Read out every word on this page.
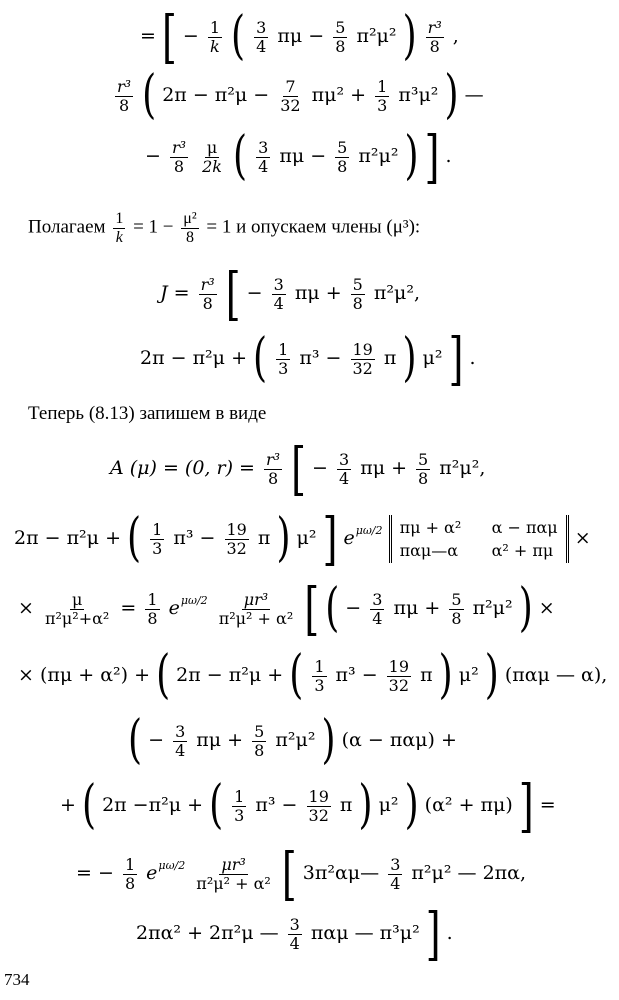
= [ − $\frac{1}{k}$ ( $\frac{3}{4}$ $\pi\mu - \frac{5}{8} \pi^2\mu^2$ ) $\frac{\text{r³}}{8}$ ,
$\frac{\text{r³}}{8}$ ( $2\pi - \pi^2\mu - \frac{7}{32} \pi\mu^2 + \frac{1}{3} \pi^3\mu^2$ ) —
− $\frac{\text{r³}}{8}$
$\frac{\mu}{2k}$ ( $\frac{3}{4}$ $\pi\mu - \frac{5}{8} \pi^2\mu^2$ ) ] .
Полагаем $\frac{1}{k} = 1 - \frac{\text{μ²}}{8} = 1$ и опускаем члены (μ³):
$J = \frac{\text{r³}}{8}$ [ − $\frac{3}{4}$ $\pi\mu + \frac{5}{8} \pi^2\mu^2$,
2π − π²μ + ( $\frac{1}{3} \pi^3 - \frac{19}{32}$ π ) μ² ] .
Теперь (8.13) запишем в виде
A (μ) = (0, $r) = \frac{\text{r³}}{8}$ [ − $\frac{3}{4}$ $\pi\mu + \frac{5}{8} \pi^2\mu^2$,
2π − π²μ + ( $\frac{1}{3} \pi^3 - \frac{19}{32}$ π ) μ² ] $e^{\mu\omega/2}$ πμ + α²	α − παμ
παμ—α	α² + πμ
×
× $\frac{\mu}{\text{π²μ²+α²}} = \frac{1}{8} e^{\mu\omega/2} \frac{\text{μr³}}{\text{π²μ² + α²}}$ [ ( − $\frac{3}{4}$ $\pi\mu + \frac{5}{8} \pi^2\mu^2$ ) ×
× (πμ + α²) + ( 2π − π²μ + ( $\frac{1}{3} \pi^3 - \frac{19}{32}$ π ) μ² ) (παμ — α),
( − $\frac{3}{4}$ $\pi\mu + \frac{5}{8} \pi^2\mu^2$ ) (α − παμ) +
+ ( 2π −π²μ + ( $\frac{1}{3} \pi^3 - \frac{19}{32}$ π ) μ² ) (α² + πμ) ] =
= − $\frac{1}{8} e^{\mu\omega/2} \frac{\text{μr³}}{\text{π²μ² + α²}}$ [ 3π²αμ— $\frac{3}{4} \pi^2\mu^2$ — 2πα,
2πα² + 2π²μ — $\frac{3}{4}$ παμ — π³μ² ] .
734
